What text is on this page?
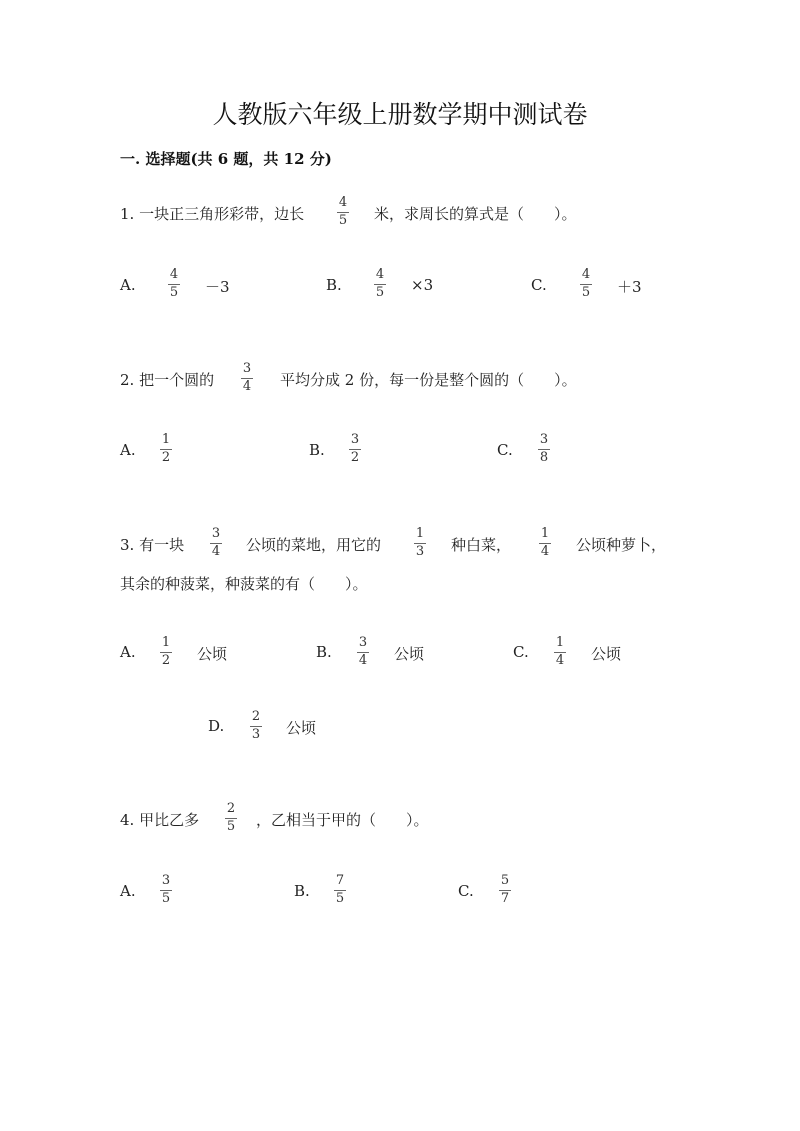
人教版六年级上册数学期中测试卷
一. 选择题(共 6 题，共 12 分)
1. 一块正三角形彩带，边长
4
5 米，求周长的算式是（　　）。
A.
4
5 －3	B.
4
5 ×3	C.
4
5 ＋3
2. 把一个圆的
3
4 平均分成 2 份，每一份是整个圆的（　　）。
A.
1
2	B.
3
2	C.
3
8
3. 有一块
3
4 公顷的菜地，用它的
1
3 种白菜，
1
4 公顷种萝卜，
其余的种菠菜，种菠菜的有（　　）。
A.
1
2 公顷	B.
3
4 公顷	C.
1
4 公顷
D.
2
3 公顷
4. 甲比乙多
2
5 ，乙相当于甲的（　　）。
A.
3
5	B.
7
5	C.
5
7
